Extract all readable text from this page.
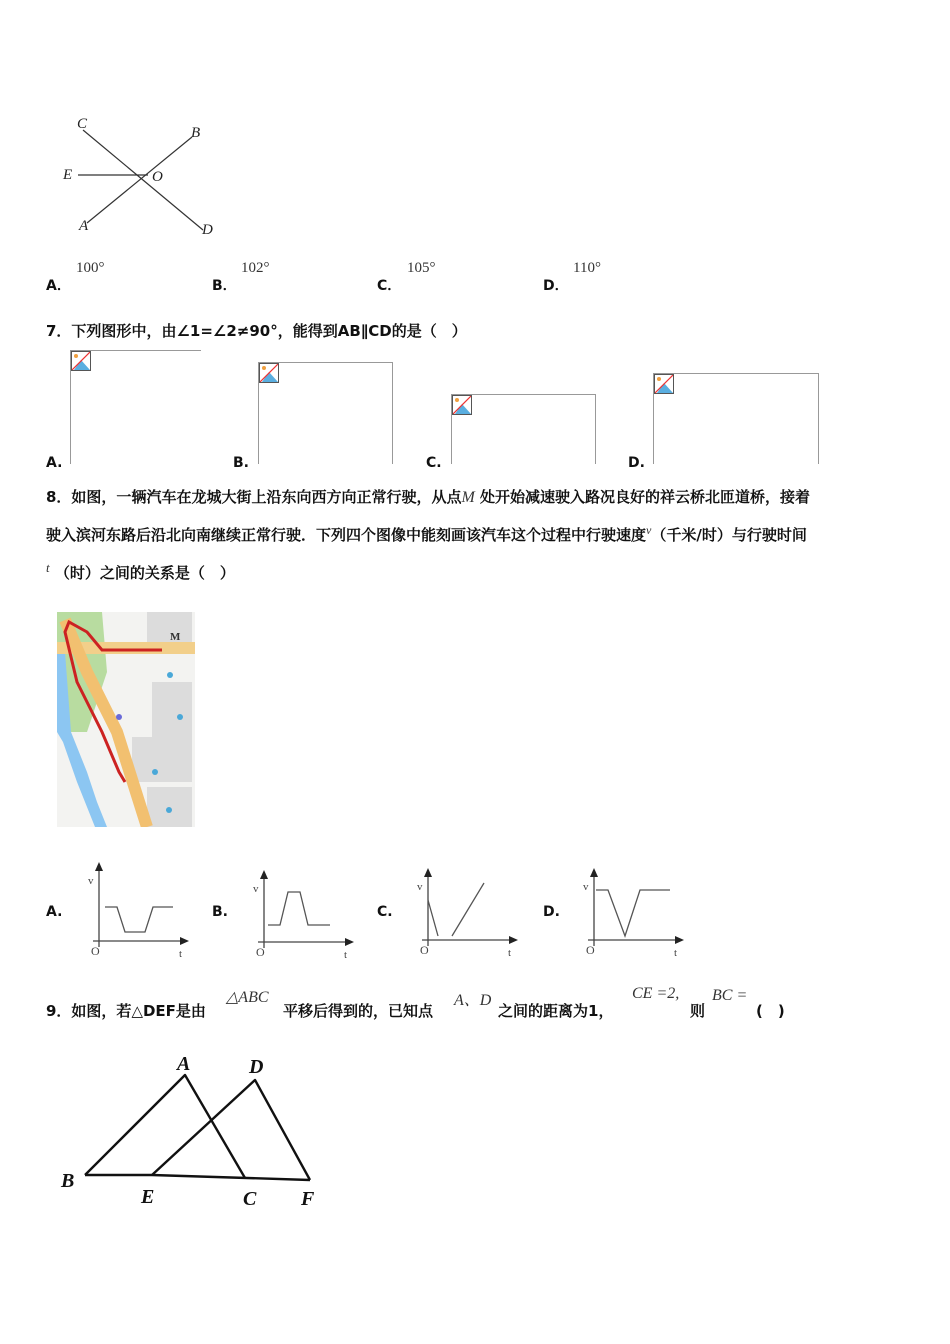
C
B
E	O
A	D
A．
100°
B．
102°
C．
105°
D．
110°
7．下列图形中，由∠1=∠2≠90°，能得到AB∥CD的是（　）
A.	B.	C.	D.
8．如图，一辆汽车在龙城大街上沿东向西方向正常行驶，从点M 处开始减速驶入路况良好的祥云桥北匝道桥，接着
驶入滨河东路后沿北向南继续正常行驶．下列四个图像中能刻画该汽车这个过程中行驶速度$^v$（千米/时）与行驶时间
$^t$ （时）之间的关系是（　）
M
A.
v
t
O
B.
v
t
O
C.
v
t
O
D.
v
t
O
9．如图，若△DEF是由
△ABC
平移后得到的，已知点
A、D
之间的距离为1，
CE =2,
则
BC =
(　)
A	D
B
E	C F
